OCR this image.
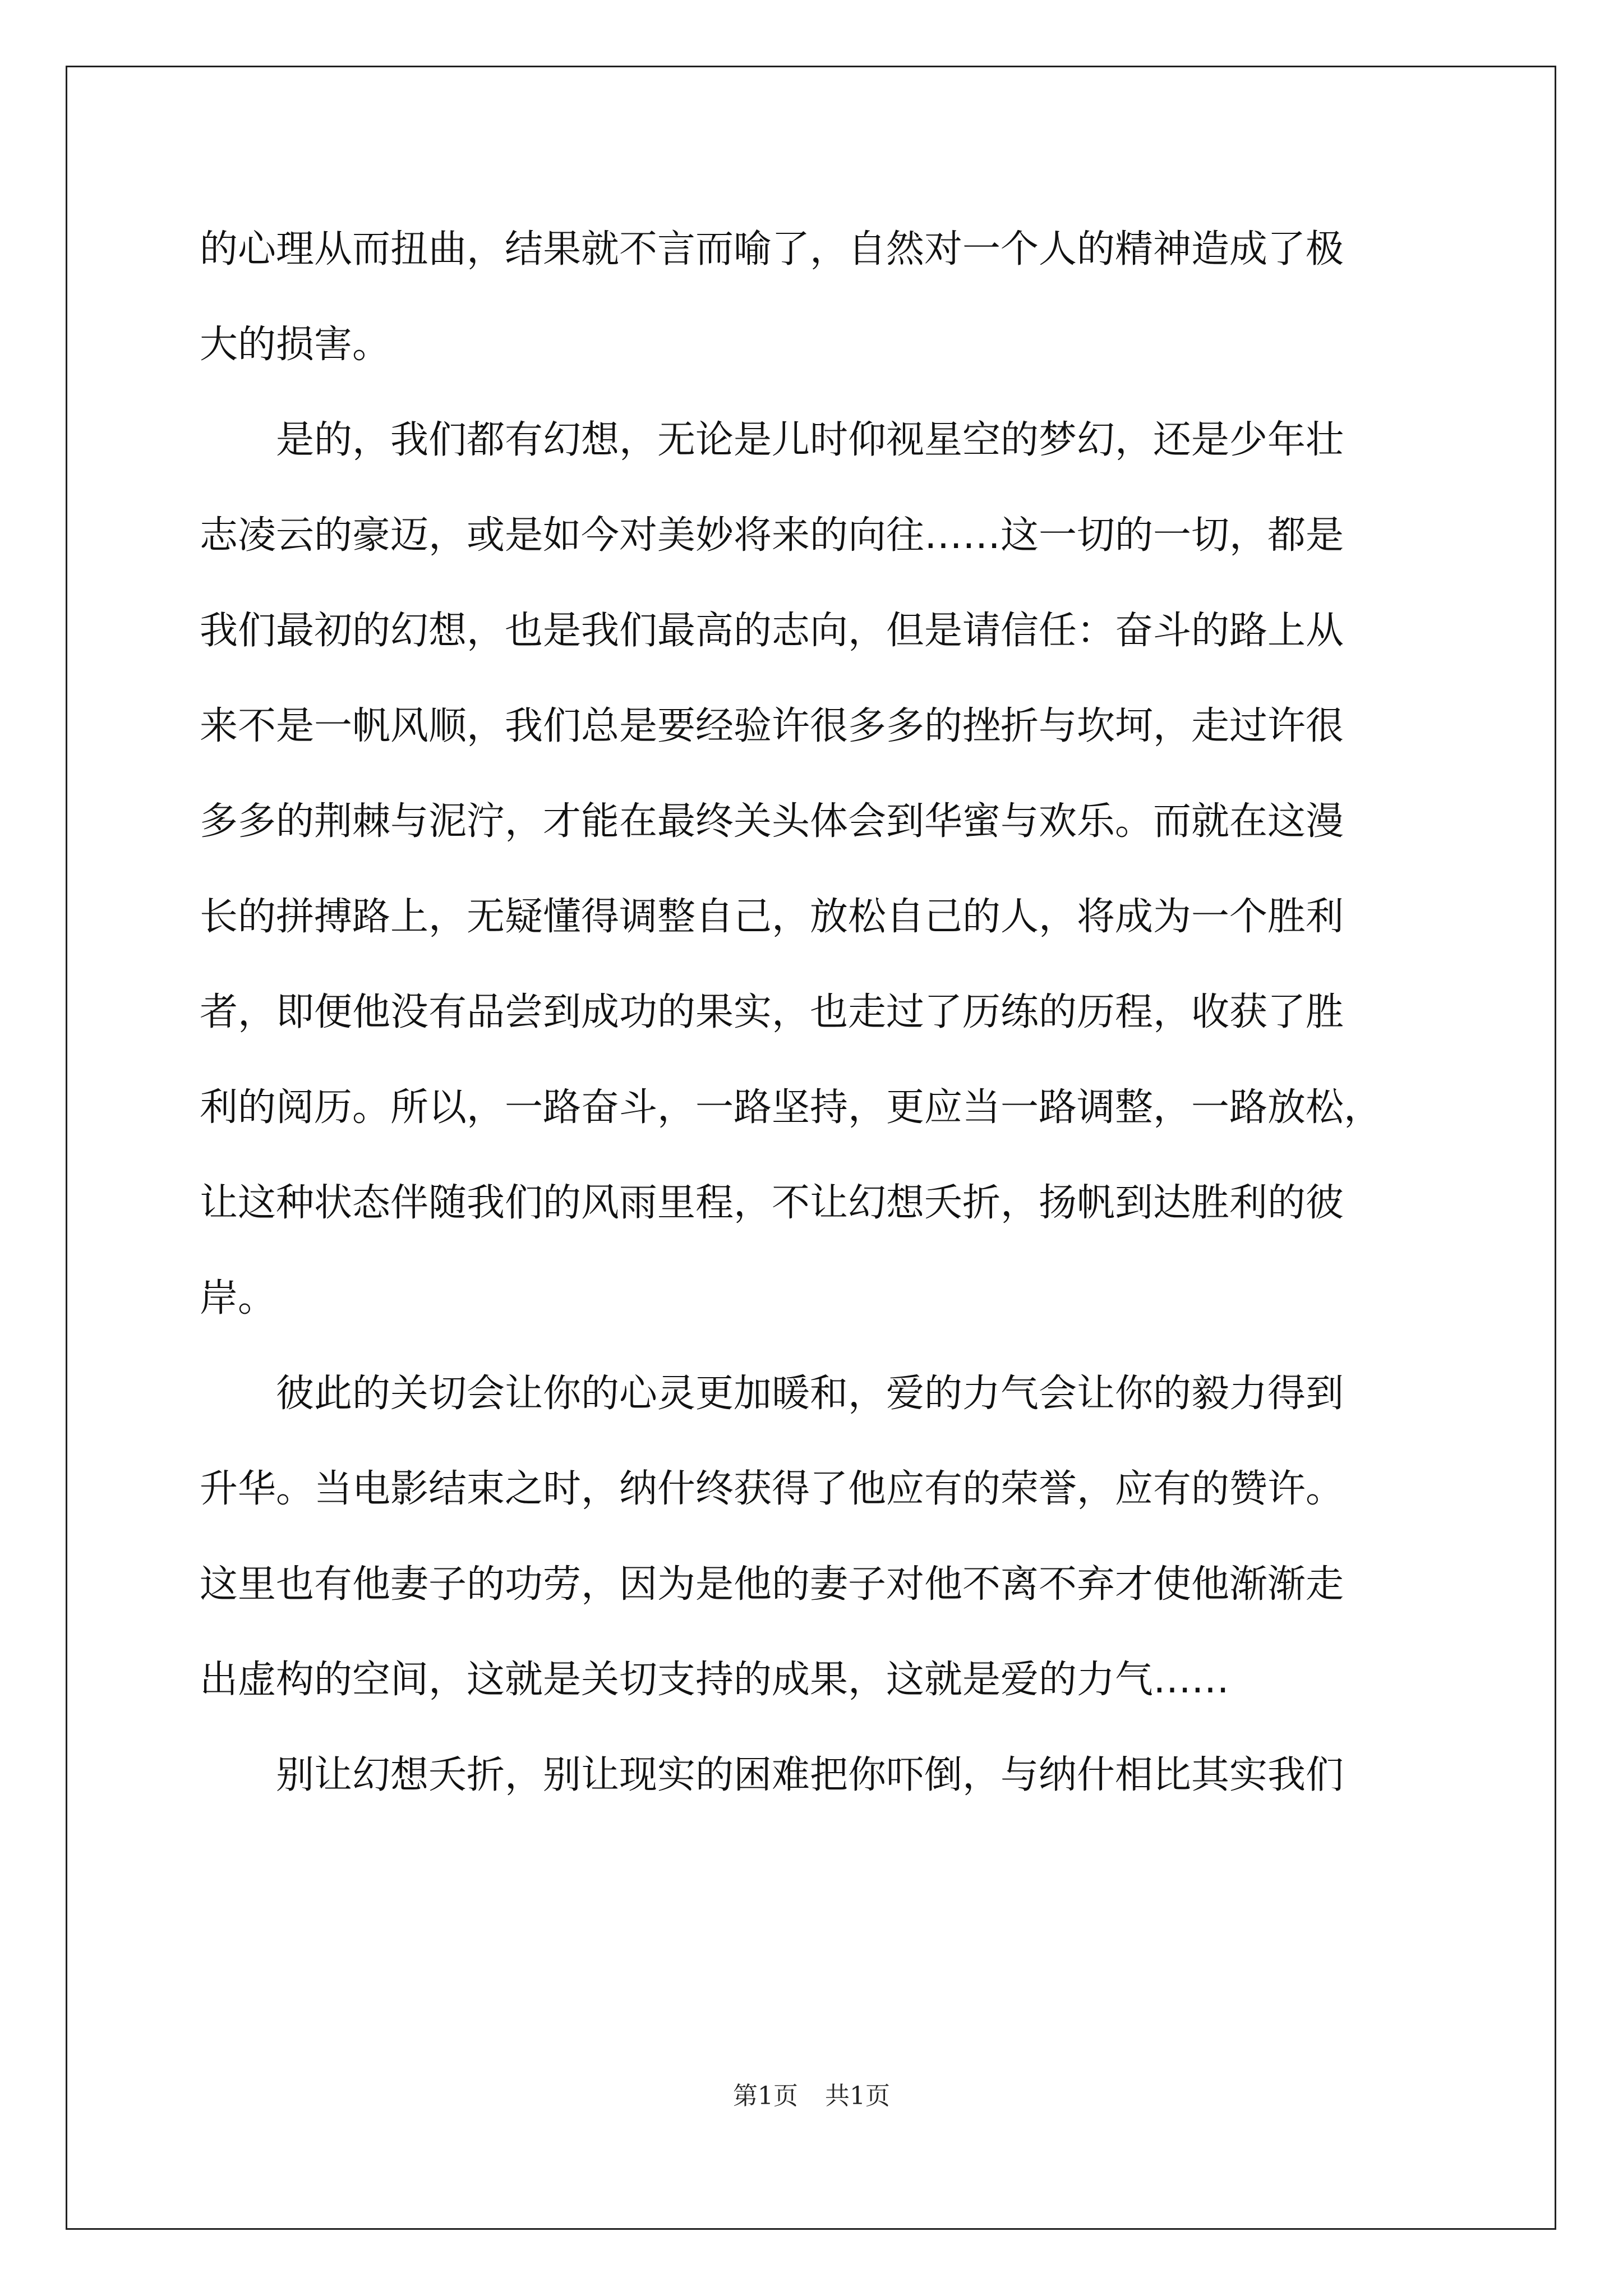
的心理从而扭曲，结果就不言而喻了，自然对一个人的精神造成了极
大的损害。
是的，我们都有幻想，无论是儿时仰视星空的梦幻，还是少年壮
志凌云的豪迈，或是如今对美妙将来的向往……这一切的一切，都是
我们最初的幻想，也是我们最高的志向，但是请信任：奋斗的路上从
来不是一帆风顺，我们总是要经验许很多多的挫折与坎坷，走过许很
多多的荆棘与泥泞，才能在最终关头体会到华蜜与欢乐。而就在这漫
长的拼搏路上，无疑懂得调整自己，放松自己的人，将成为一个胜利
者，即便他没有品尝到成功的果实，也走过了历练的历程，收获了胜
利的阅历。所以，一路奋斗，一路坚持，更应当一路调整，一路放松，
让这种状态伴随我们的风雨里程，不让幻想夭折，扬帆到达胜利的彼
岸。
彼此的关切会让你的心灵更加暖和，爱的力气会让你的毅力得到
升华。当电影结束之时，纳什终获得了他应有的荣誉，应有的赞许。
这里也有他妻子的功劳，因为是他的妻子对他不离不弃才使他渐渐走
出虚构的空间，这就是关切支持的成果，这就是爱的力气……
别让幻想夭折，别让现实的困难把你吓倒，与纳什相比其实我们
第1页 共1页
